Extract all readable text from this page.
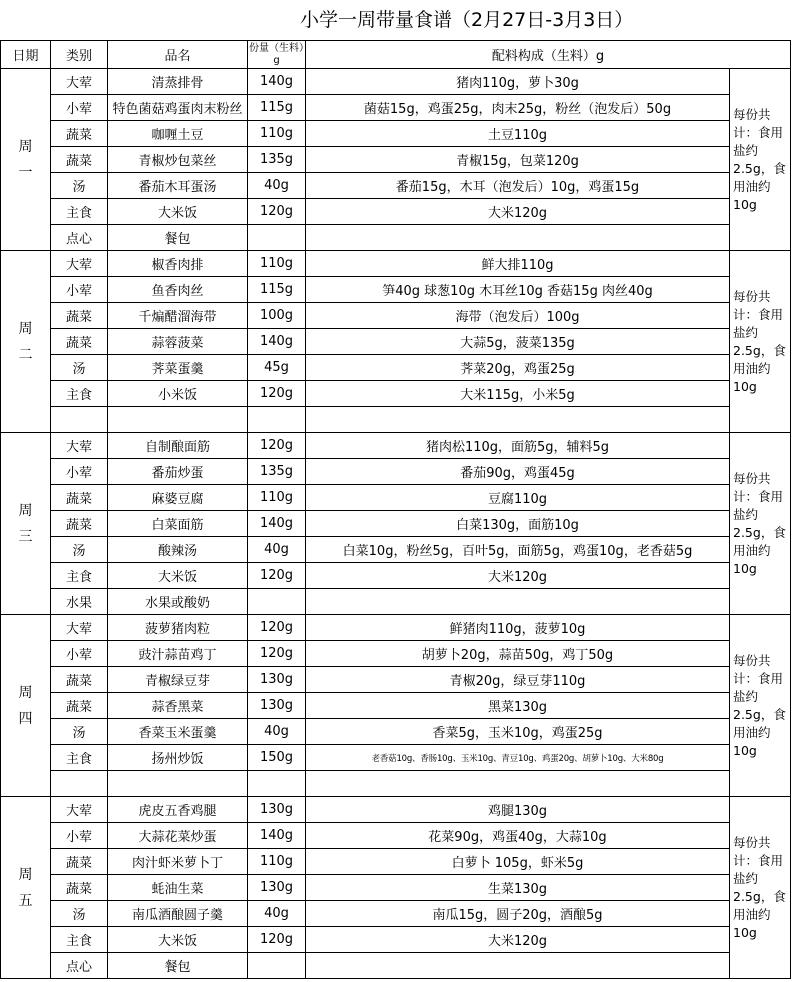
小学一周带量食谱（2月27日-3月3日）
日期	类别	品名	份量（生料）g	配料构成（生料）g	

周
一	大荤	清蒸排骨	140g	猪肉110g，萝卜30g	每份共计：食用盐约2.5g，食用油约10g
	小荤	特色菌菇鸡蛋肉末粉丝	115g	菌菇15g，鸡蛋25g，肉末25g，粉丝（泡发后）50g	
	蔬菜	咖喱土豆	110g	土豆110g	
	蔬菜	青椒炒包菜丝	135g	青椒15g，包菜120g	
	汤	番茄木耳蛋汤	40g	番茄15g，木耳（泡发后）10g，鸡蛋15g	
	主食	大米饭	120g	大米120g	
	点心	餐包			

周
二	大荤	椒香肉排	110g	鲜大排110g	每份共计：食用盐约2.5g，食用油约10g
	小荤	鱼香肉丝	115g	笋40g 球葱10g 木耳丝10g 香菇15g 肉丝40g	
	蔬菜	千煸醋溜海带	100g	海带（泡发后）100g	
	蔬菜	蒜蓉菠菜	140g	大蒜5g，菠菜135g	
	汤	荠菜蛋羹	45g	荠菜20g，鸡蛋25g	
	主食	小米饭	120g	大米115g，小米5g	

周
三	大荤	自制酿面筋	120g	猪肉松110g，面筋5g，辅料5g	每份共计：食用盐约2.5g，食用油约10g
	小荤	番茄炒蛋	135g	番茄90g，鸡蛋45g	
	蔬菜	麻婆豆腐	110g	豆腐110g	
	蔬菜	白菜面筋	140g	白菜130g，面筋10g	
	汤	酸辣汤	40g	白菜10g，粉丝5g，百叶5g，面筋5g，鸡蛋10g，老香菇5g	
	主食	大米饭	120g	大米120g	
	水果	水果或酸奶			

周
四	大荤	菠萝猪肉粒	120g	鲜猪肉110g，菠萝10g	每份共计：食用盐约2.5g，食用油约10g
	小荤	豉汁蒜苗鸡丁	120g	胡萝卜20g，蒜苗50g，鸡丁50g	
	蔬菜	青椒绿豆芽	130g	青椒20g，绿豆芽110g	
	蔬菜	蒜香黑菜	130g	黑菜130g	
	汤	香菜玉米蛋羹	40g	香菜5g，玉米10g，鸡蛋25g	
	主食	扬州炒饭	150g	老香菇10g、香肠10g、玉米10g、青豆10g、鸡蛋20g、胡萝卜10g、大米80g	

周
五	大荤	虎皮五香鸡腿	130g	鸡腿130g	每份共计：食用盐约2.5g，食用油约10g
	小荤	大蒜花菜炒蛋	140g	花菜90g，鸡蛋40g，大蒜10g	
	蔬菜	肉汁虾米萝卜丁	110g	白萝卜 105g，虾米5g	
	蔬菜	蚝油生菜	130g	生菜130g	
	汤	南瓜酒酿圆子羹	40g	南瓜15g，圆子20g，酒酿5g	
	主食	大米饭	120g	大米120g	
	点心	餐包			
